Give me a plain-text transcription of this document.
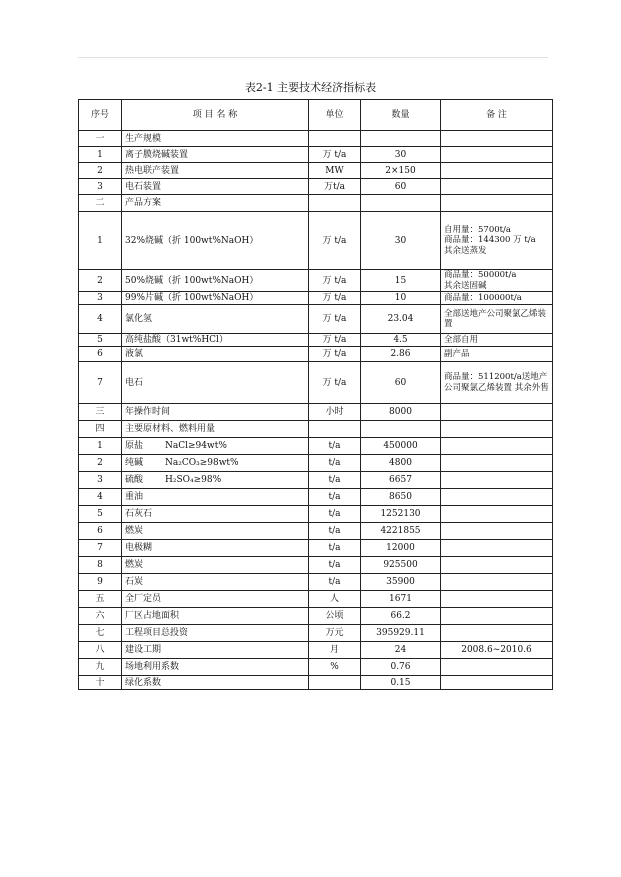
表2-1 主要技术经济指标表
序号	项 目 名 称	单位	数量	备 注
一	生产规模			
1	离子膜烧碱装置	万 t/a	30	
2	热电联产装置	MW	2×150	
3	电石装置	万t/a	60	
二	产品方案			
1	32%烧碱（折 100wt%NaOH）	万 t/a	30	自用量：5700t/a
商品量：144300 万 t/a
其余送蒸发
2	50%烧碱（折 100wt%NaOH）	万 t/a	15	商品量：50000t/a
其余送固碱
3	99%片碱（折 100wt%NaOH）	万 t/a	10	商品量：100000t/a
4	氯化氢	万 t/a	23.04	全部送地产公司聚氯乙烯装置
5	高纯盐酸（31wt%HCl）	万 t/a	4.5	全部自用
6	液氯	万 t/a	2.86	副产品
7	电石	万 t/a	60	商品量：511200t/a送地产公司聚氯乙烯装置 其余外售
三	年操作时间	小时	8000	
四	主要原材料、燃料用量			
1	原盐 NaCl≥94wt%	t/a	450000	
2	纯碱 Na₂CO₃≥98wt%	t/a	4800	
3	硫酸 H₂SO₄≥98%	t/a	6657	
4	重油	t/a	8650	
5	石灰石	t/a	1252130	
6	燃炭	t/a	4221855	
7	电极糊	t/a	12000	
8	燃炭	t/a	925500	
9	石炭	t/a	35900	
五	全厂定员	人	1671	
六	厂区占地面积	公顷	66.2	
七	工程项目总投资	万元	395929.11	
八	建设工期	月	24	2008.6~2010.6
九	场地利用系数	%	0.76	
十	绿化系数		0.15	
